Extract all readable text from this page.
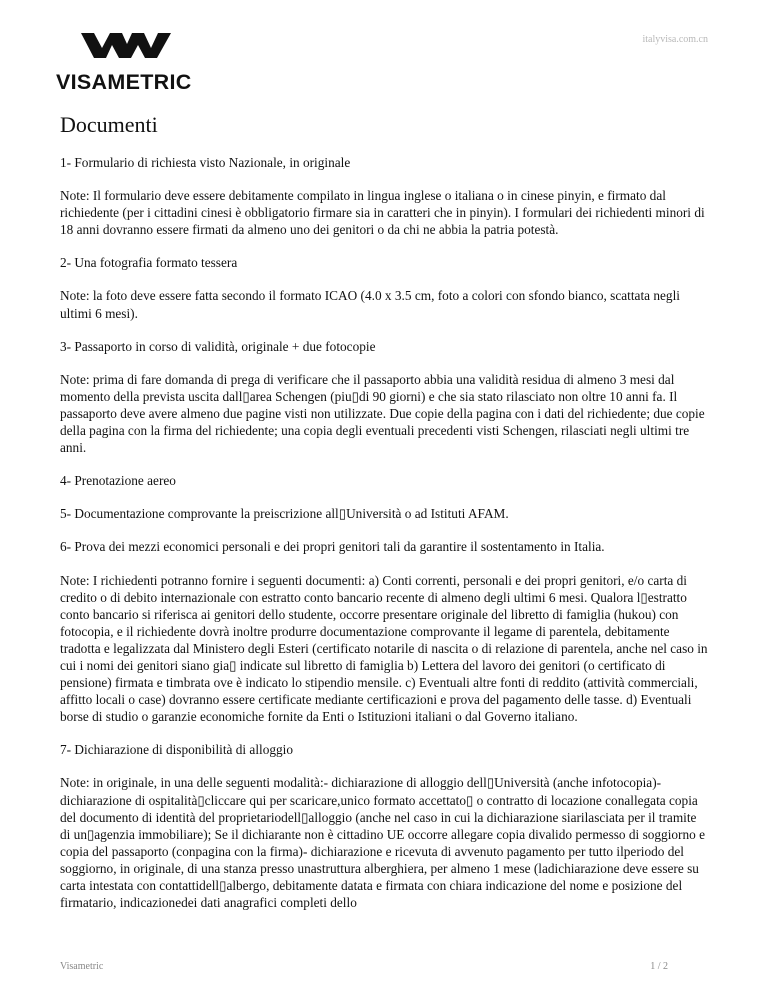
italyvisa.com.cn
VISAMETRIC
Documenti

1- Formulario di richiesta visto Nazionale, in originale

Note: Il formulario deve essere debitamente compilato in lingua inglese o italiana o in cinese pinyin, e firmato dal richiedente (per i cittadini cinesi è obbligatorio firmare sia in caratteri che in pinyin). I formulari dei richiedenti minori di 18 anni dovranno essere firmati da almeno uno dei genitori o da chi ne abbia la patria potestà.

2- Una fotografia formato tessera

Note: la foto deve essere fatta secondo il formato ICAO (4.0 x 3.5 cm, foto a colori con sfondo bianco, scattata negli ultimi 6 mesi).

3- Passaporto in corso di validità, originale + due fotocopie

Note: prima di fare domanda di prega di verificare che il passaporto abbia una validità residua di almeno 3 mesi dal momento della prevista uscita dall▯area Schengen (piu▯di 90 giorni) e che sia stato rilasciato non oltre 10 anni fa. Il passaporto deve avere almeno due pagine visti non utilizzate. Due copie della pagina con i dati del richiedente; due copie della pagina con la firma del richiedente; una copia degli eventuali precedenti visti Schengen, rilasciati negli ultimi tre anni.

4- Prenotazione aereo

5- Documentazione comprovante la preiscrizione all▯Università o ad Istituti AFAM.

6- Prova dei mezzi economici personali e dei propri genitori tali da garantire il sostentamento in Italia.

Note: I richiedenti potranno fornire i seguenti documenti: a) Conti correnti, personali e dei propri genitori, e/o carta di credito o di debito internazionale con estratto conto bancario recente di almeno degli ultimi 6 mesi. Qualora l▯estratto conto bancario si riferisca ai genitori dello studente, occorre presentare originale del libretto di famiglia (hukou) con fotocopia, e il richiedente dovrà inoltre produrre documentazione comprovante il legame di parentela, debitamente tradotta e legalizzata dal Ministero degli Esteri (certificato notarile di nascita o di relazione di parentela, anche nel caso in cui i nomi dei genitori siano gia▯ indicate sul libretto di famiglia b) Lettera del lavoro dei genitori (o certificato di pensione) firmata e timbrata ove è indicato lo stipendio mensile. c) Eventuali altre fonti di reddito (attività commerciali, affitto locali o case) dovranno essere certificate mediante certificazioni e prova del pagamento delle tasse. d) Eventuali borse di studio o garanzie economiche fornite da Enti o Istituzioni italiani o dal Governo italiano.

7- Dichiarazione di disponibilità di alloggio

Note: in originale, in una delle seguenti modalità:- dichiarazione di alloggio dell▯Università (anche infotocopia)- dichiarazione di ospitalità▯cliccare qui per scaricare,unico formato accettato▯ o contratto di locazione conallegata copia del documento di identità del proprietariodell▯alloggio (anche nel caso in cui la dichiarazione siarilasciata per il tramite di un▯agenzia immobiliare); Se il dichiarante non è cittadino UE occorre allegare copia divalido permesso di soggiorno e copia del passaporto (conpagina con la firma)- dichiarazione e ricevuta di avvenuto pagamento per tutto ilperiodo del soggiorno, in originale, di una stanza presso unastruttura alberghiera, per almeno 1 mese (ladichiarazione deve essere su carta intestata con contattidell▯albergo, debitamente datata e firmata con chiara indicazione del nome e posizione del firmatario, indicazionedei dati anagrafici completi dello

Visametric	1 / 2
